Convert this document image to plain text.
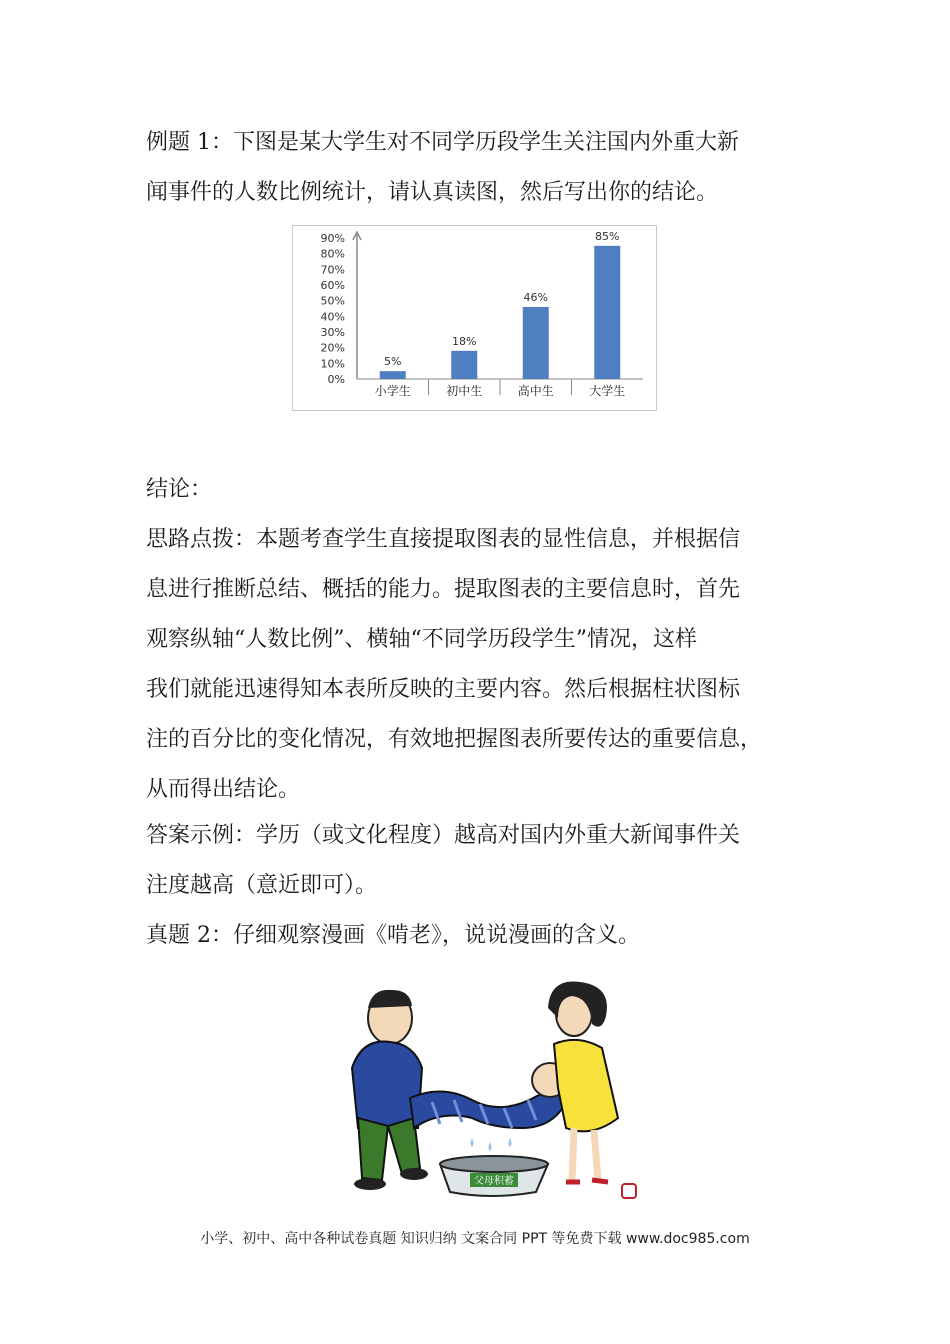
例题 1：下图是某大学生对不同学历段学生关注国内外重大新
闻事件的人数比例统计，请认真读图，然后写出你的结论。

0%
10%
20%
30%
40%
50%
60%
70%
80%
90%
5%
小学生
18%
初中生
46%
高中生
85%
大学生

结论：

思路点拨：本题考查学生直接提取图表的显性信息，并根据信
息进行推断总结、概括的能力。提取图表的主要信息时，首先
观察纵轴“人数比例”、横轴“不同学历段学生”情况，这样
我们就能迅速得知本表所反映的主要内容。然后根据柱状图标
注的百分比的变化情况，有效地把握图表所要传达的重要信息，
从而得出结论。

答案示例：学历（或文化程度）越高对国内外重大新闻事件关
注度越高（意近即可）。

真题 2：仔细观察漫画《啃老》，说说漫画的含义。

父母积蓄
小学、初中、高中各种试卷真题 知识归纳 文案合同 PPT 等免费下载 www.doc985.com
